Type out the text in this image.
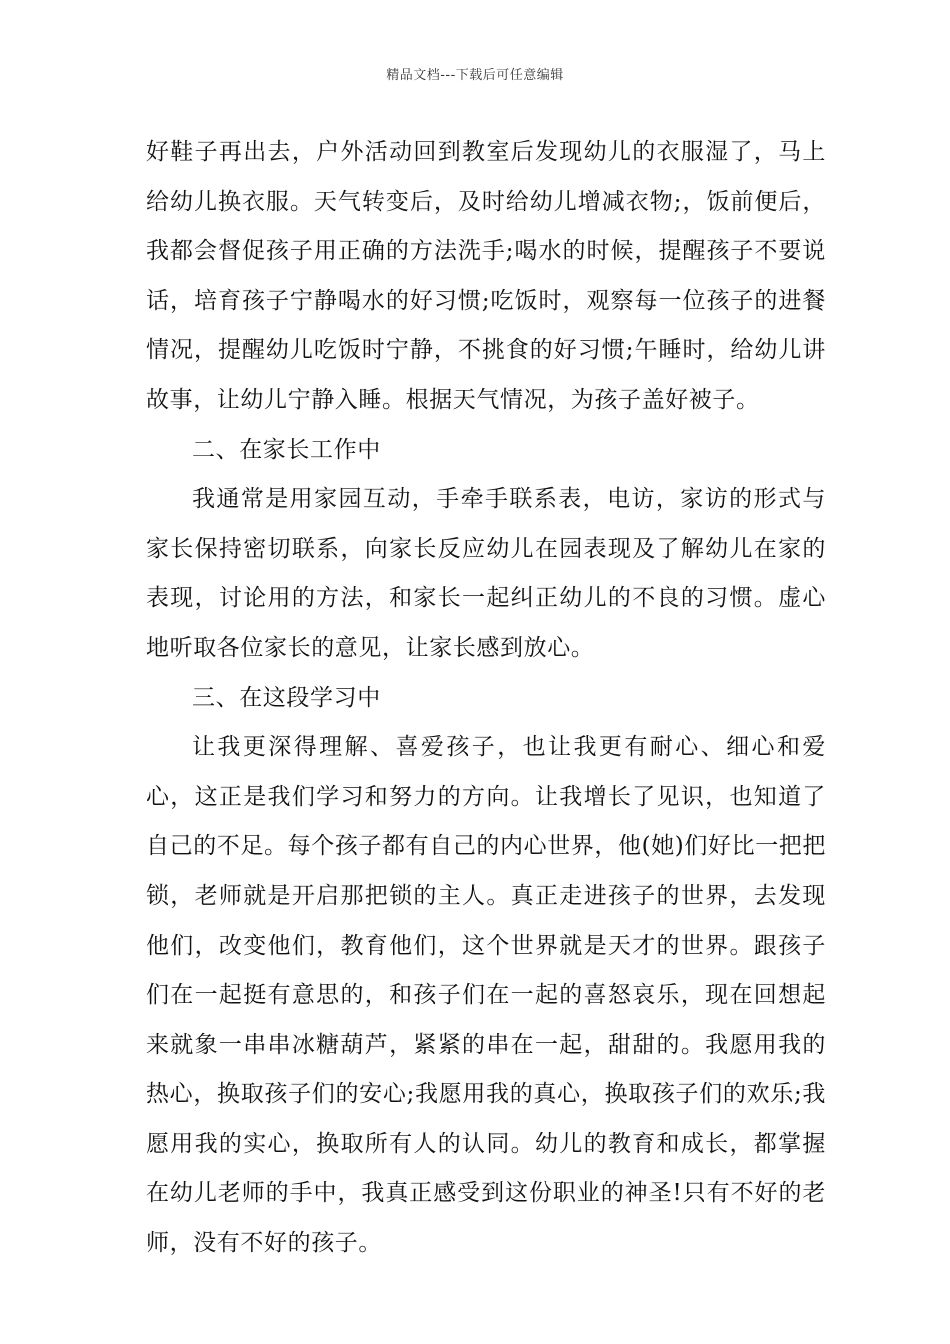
精品文档---下载后可任意编辑

好鞋子再出去，户外活动回到教室后发现幼儿的衣服湿了，马上给幼儿换衣服。天气转变后，及时给幼儿增减衣物;，饭前便后，我都会督促孩子用正确的方法洗手;喝水的时候，提醒孩子不要说话，培育孩子宁静喝水的好习惯;吃饭时，观察每一位孩子的进餐情况，提醒幼儿吃饭时宁静，不挑食的好习惯;午睡时，给幼儿讲故事，让幼儿宁静入睡。根据天气情况，为孩子盖好被子。

二、在家长工作中

我通常是用家园互动，手牵手联系表，电访，家访的形式与家长保持密切联系，向家长反应幼儿在园表现及了解幼儿在家的表现，讨论用的方法，和家长一起纠正幼儿的不良的习惯。虚心地听取各位家长的意见，让家长感到放心。

三、在这段学习中

让我更深得理解、喜爱孩子，也让我更有耐心、细心和爱心，这正是我们学习和努力的方向。让我增长了见识，也知道了自己的不足。每个孩子都有自己的内心世界，他(她)们好比一把把锁，老师就是开启那把锁的主人。真正走进孩子的世界，去发现他们，改变他们，教育他们，这个世界就是天才的世界。跟孩子们在一起挺有意思的，和孩子们在一起的喜怒哀乐，现在回想起来就象一串串冰糖葫芦，紧紧的串在一起，甜甜的。我愿用我的热心，换取孩子们的安心;我愿用我的真心，换取孩子们的欢乐;我愿用我的实心，换取所有人的认同。幼儿的教育和成长，都掌握在幼儿老师的手中，我真正感受到这份职业的神圣!只有不好的老师，没有不好的孩子。
